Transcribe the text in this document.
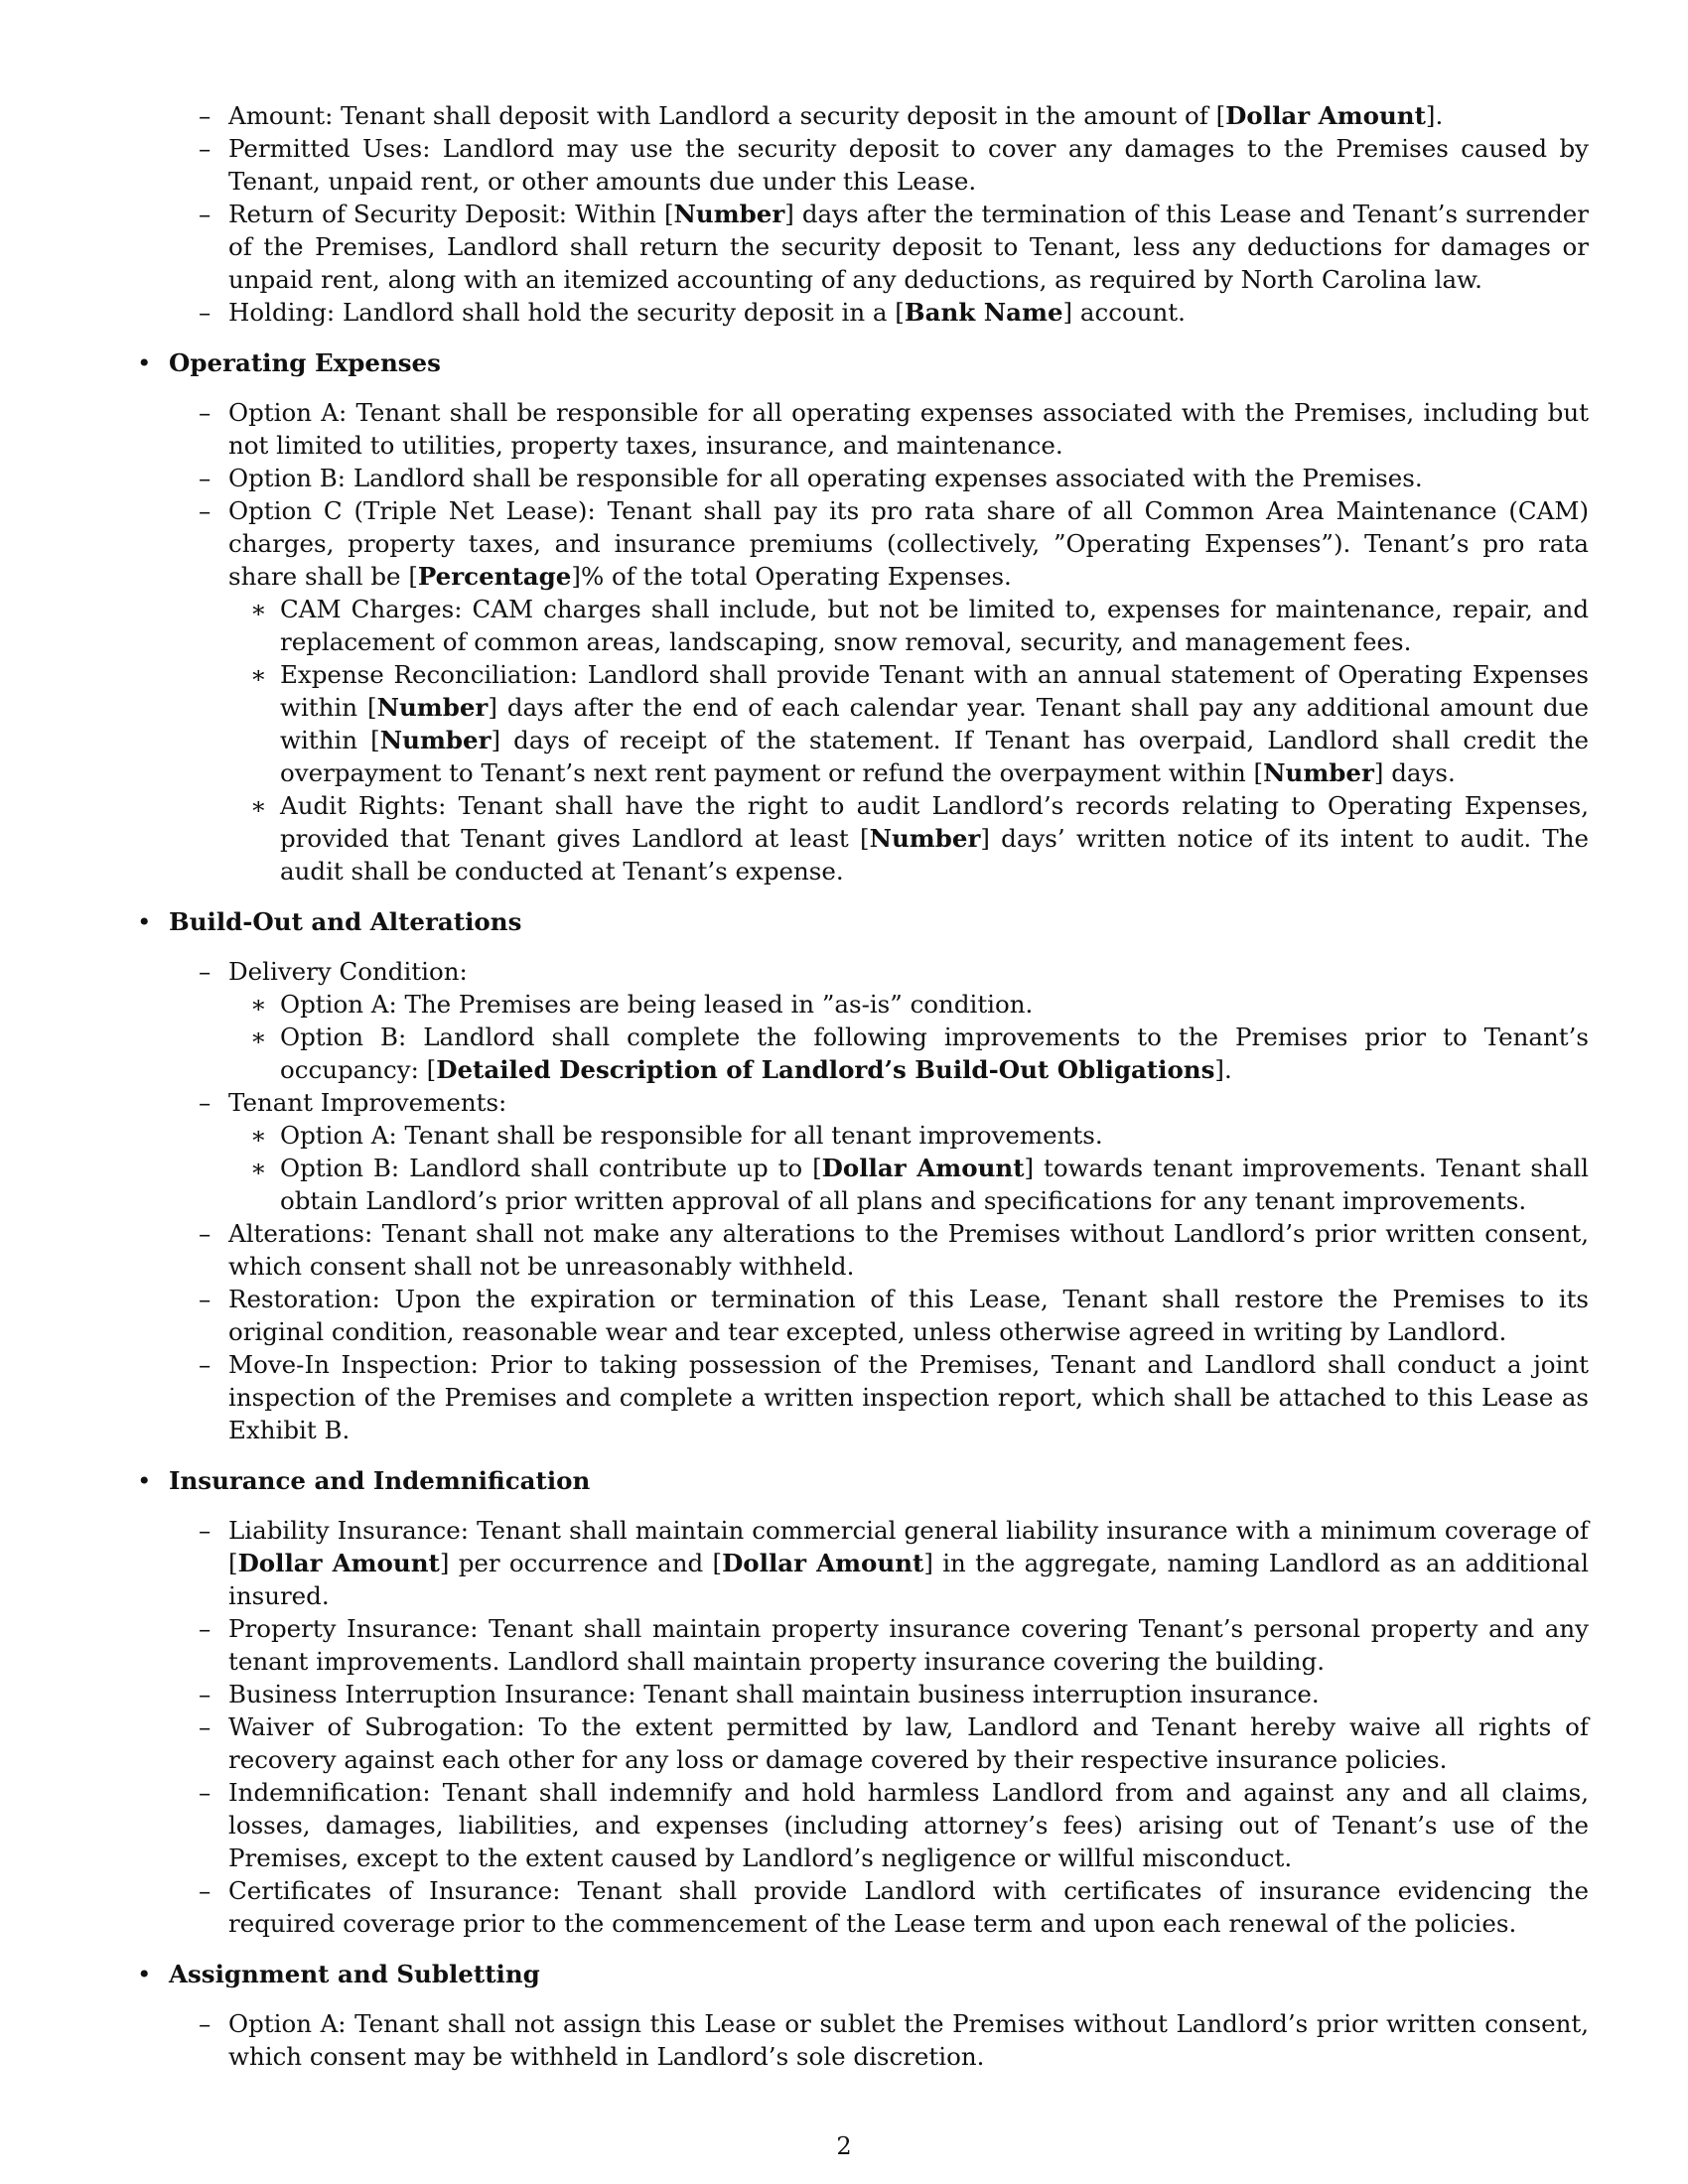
– Amount: Tenant shall deposit with Landlord a security deposit in the amount of [Dollar Amount].
– Permitted Uses: Landlord may use the security deposit to cover any damages to the Premises caused by Tenant, unpaid rent, or other amounts due under this Lease.
– Return of Security Deposit: Within [Number] days after the termination of this Lease and Tenant’s surrender of the Premises, Landlord shall return the security deposit to Tenant, less any deductions for damages or unpaid rent, along with an itemized accounting of any deductions, as required by North Carolina law.
– Holding: Landlord shall hold the security deposit in a [Bank Name] account.
• Operating Expenses
– Option A: Tenant shall be responsible for all operating expenses associated with the Premises, including but not limited to utilities, property taxes, insurance, and maintenance.
– Option B: Landlord shall be responsible for all operating expenses associated with the Premises.
– Option C (Triple Net Lease): Tenant shall pay its pro rata share of all Common Area Maintenance (CAM) charges, property taxes, and insurance premiums (collectively, ”Operating Expenses”). Tenant’s pro rata share shall be [Percentage]% of the total Operating Expenses.
∗ CAM Charges: CAM charges shall include, but not be limited to, expenses for maintenance, repair, and replacement of common areas, landscaping, snow removal, security, and management fees.
∗ Expense Reconciliation: Landlord shall provide Tenant with an annual statement of Operating Expenses within [Number] days after the end of each calendar year. Tenant shall pay any additional amount due within [Number] days of receipt of the statement. If Tenant has overpaid, Landlord shall credit the overpayment to Tenant’s next rent payment or refund the overpayment within [Number] days.
∗ Audit Rights: Tenant shall have the right to audit Landlord’s records relating to Operating Expenses, provided that Tenant gives Landlord at least [Number] days’ written notice of its intent to audit. The audit shall be conducted at Tenant’s expense.
• Build-Out and Alterations
– Delivery Condition:
∗ Option A: The Premises are being leased in ”as-is” condition.
∗ Option B: Landlord shall complete the following improvements to the Premises prior to Tenant’s occupancy: [Detailed Description of Landlord’s Build-Out Obligations].
– Tenant Improvements:
∗ Option A: Tenant shall be responsible for all tenant improvements.
∗ Option B: Landlord shall contribute up to [Dollar Amount] towards tenant improvements. Tenant shall obtain Landlord’s prior written approval of all plans and specifications for any tenant improvements.
– Alterations: Tenant shall not make any alterations to the Premises without Landlord’s prior written consent, which consent shall not be unreasonably withheld.
– Restoration: Upon the expiration or termination of this Lease, Tenant shall restore the Premises to its original condition, reasonable wear and tear excepted, unless otherwise agreed in writing by Landlord.
– Move-In Inspection: Prior to taking possession of the Premises, Tenant and Landlord shall conduct a joint inspection of the Premises and complete a written inspection report, which shall be attached to this Lease as Exhibit B.
• Insurance and Indemnification
– Liability Insurance: Tenant shall maintain commercial general liability insurance with a minimum coverage of [Dollar Amount] per occurrence and [Dollar Amount] in the aggregate, naming Landlord as an additional insured.
– Property Insurance: Tenant shall maintain property insurance covering Tenant’s personal property and any tenant improvements. Landlord shall maintain property insurance covering the building.
– Business Interruption Insurance: Tenant shall maintain business interruption insurance.
– Waiver of Subrogation: To the extent permitted by law, Landlord and Tenant hereby waive all rights of recovery against each other for any loss or damage covered by their respective insurance policies.
– Indemnification: Tenant shall indemnify and hold harmless Landlord from and against any and all claims, losses, damages, liabilities, and expenses (including attorney’s fees) arising out of Tenant’s use of the Premises, except to the extent caused by Landlord’s negligence or willful misconduct.
– Certificates of Insurance: Tenant shall provide Landlord with certificates of insurance evidencing the required coverage prior to the commencement of the Lease term and upon each renewal of the policies.
• Assignment and Subletting
– Option A: Tenant shall not assign this Lease or sublet the Premises without Landlord’s prior written consent, which consent may be withheld in Landlord’s sole discretion.
2
